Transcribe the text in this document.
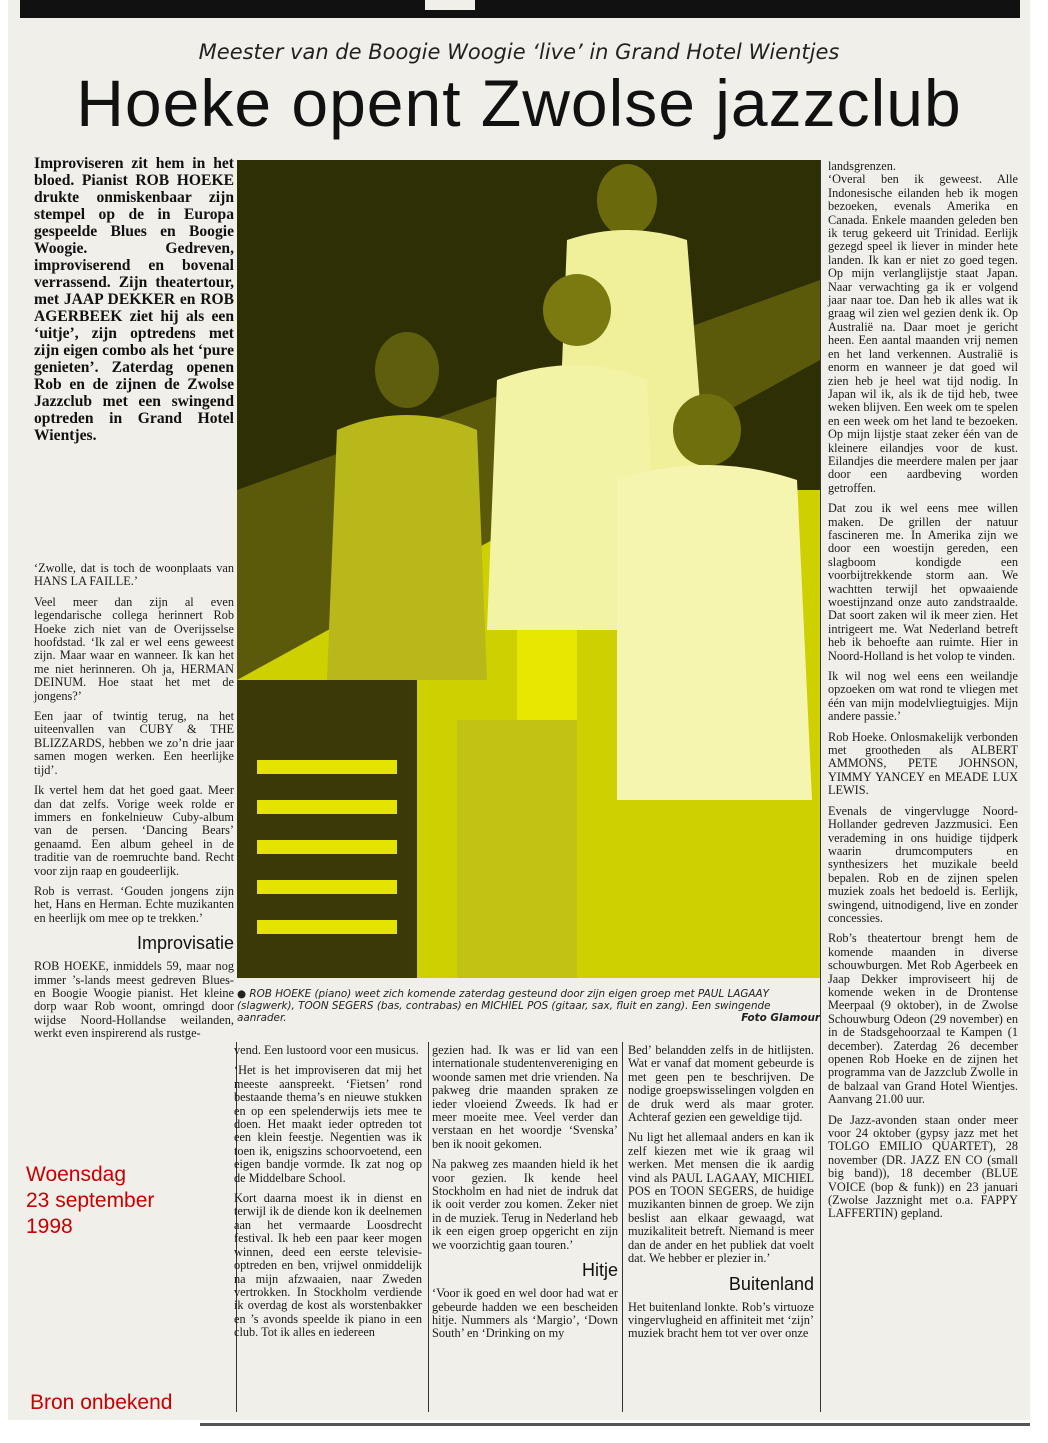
Meester van de Boogie Woogie ‘live’ in Grand Hotel Wientjes
Hoeke opent Zwolse jazzclub
Improviseren zit hem in het bloed. Pianist ROB HOEKE drukte onmiskenbaar zijn stempel op de in Europa gespeelde Blues en Boogie Woogie. Gedreven, improviserend en bovenal verrassend. Zijn theatertour, met JAAP DEKKER en ROB AGERBEEK ziet hij als een ‘uitje’, zijn optredens met zijn eigen combo als het ‘pure genieten’. Zaterdag openen Rob en de zijnen de Zwolse Jazzclub met een swingend optreden in Grand Hotel Wientjes.

‘Zwolle, dat is toch de woonplaats van HANS LA FAILLE.’

Veel meer dan zijn al even legendarische collega herinnert Rob Hoeke zich niet van de Overijsselse hoofdstad. ‘Ik zal er wel eens geweest zijn. Maar waar en wanneer. Ik kan het me niet herinneren. Oh ja, HERMAN DEINUM. Hoe staat het met de jongens?’

Een jaar of twintig terug, na het uiteenvallen van CUBY & THE BLIZZARDS, hebben we zo’n drie jaar samen mogen werken. Een heerlijke tijd’.

Ik vertel hem dat het goed gaat. Meer dan dat zelfs. Vorige week rolde er immers en fonkelnieuw Cuby-album van de persen. ‘Dancing Bears’ genaamd. Een album geheel in de traditie van de roemruchte band. Recht voor zijn raap en goudeerlijk.

Rob is verrast. ‘Gouden jongens zijn het, Hans en Herman. Echte muzikanten en heerlijk om mee op te trekken.’

Improvisatie

ROB HOEKE, inmiddels 59, maar nog immer ’s-lands meest gedreven Blues- en Boogie Woogie pianist. Het kleine dorp waar Rob woont, omringd door wijdse Noord-Hollandse weilanden, werkt even inspirerend als rustge-

● ROB HOEKE (piano) weet zich komende zaterdag gesteund door zijn eigen groep met PAUL LAGAAY (slagwerk), TOON SEGERS (bas, contrabas) en MICHIEL POS (gitaar, sax, fluit en zang). Een swingende aanrader.	Foto Glamour

landsgrenzen.

‘Overal ben ik geweest. Alle Indonesische eilanden heb ik mogen bezoeken, evenals Amerika en Canada. Enkele maanden geleden ben ik terug gekeerd uit Trinidad. Eerlijk gezegd speel ik liever in minder hete landen. Ik kan er niet zo goed tegen. Op mijn verlanglijstje staat Japan. Naar verwachting ga ik er volgend jaar naar toe. Dan heb ik alles wat ik graag wil zien wel gezien denk ik. Op Australië na. Daar moet je gericht heen. Een aantal maanden vrij nemen en het land verkennen. Australië is enorm en wanneer je dat goed wil zien heb je heel wat tijd nodig. In Japan wil ik, als ik de tijd heb, twee weken blijven. Een week om te spelen en een week om het land te bezoeken. Op mijn lijstje staat zeker één van de kleinere eilandjes voor de kust. Eilandjes die meerdere malen per jaar door een aardbeving worden getroffen.

Dat zou ik wel eens mee willen maken. De grillen der natuur fascineren me. In Amerika zijn we door een woestijn gereden, een slagboom kondigde een voorbijtrekkende storm aan. We wachtten terwijl het opwaaiende woestijnzand onze auto zandstraalde. Dat soort zaken wil ik meer zien. Het intrigeert me. Wat Nederland betreft heb ik behoefte aan ruimte. Hier in Noord-Holland is het volop te vinden.

Ik wil nog wel eens een weilandje opzoeken om wat rond te vliegen met één van mijn modelvliegtuigjes. Mijn andere passie.’

Rob Hoeke. Onlosmakelijk verbonden met grootheden als ALBERT AMMONS, PETE JOHNSON, YIMMY YANCEY en MEADE LUX LEWIS.

Evenals de vingervlugge Noord-Hollander gedreven Jazzmusici. Een verademing in ons huidige tijdperk waarin drumcomputers en synthesizers het muzikale beeld bepalen. Rob en de zijnen spelen muziek zoals het bedoeld is. Eerlijk, swingend, uitnodigend, live en zonder concessies.

Rob’s theatertour brengt hem de komende maanden in diverse schouwburgen. Met Rob Agerbeek en Jaap Dekker improviseert hij de komende weken in de Drontense Meerpaal (9 oktober), in de Zwolse Schouwburg Odeon (29 november) en in de Stadsgehoorzaal te Kampen (1 december). Zaterdag 26 december openen Rob Hoeke en de zijnen het programma van de Jazzclub Zwolle in de balzaal van Grand Hotel Wientjes. Aanvang 21.00 uur.

De Jazz-avonden staan onder meer voor 24 oktober (gypsy jazz met het TOLGO EMILIO QUARTET), 28 november (DR. JAZZ EN CO (small big band)), 18 december (BLUE VOICE (bop & funk)) en 23 januari (Zwolse Jazznight met o.a. FAPPY LAFFERTIN) gepland.

vend. Een lustoord voor een musicus.

‘Het is het improviseren dat mij het meeste aanspreekt. ‘Fietsen’ rond bestaande thema’s en nieuwe stukken en op een spelenderwijs iets mee te doen. Het maakt ieder optreden tot een klein feestje. Negentien was ik toen ik, enigszins schoorvoetend, een eigen bandje vormde. Ik zat nog op de Middelbare School.

Kort daarna moest ik in dienst en terwijl ik de diende kon ik deelnemen aan het vermaarde Loosdrecht festival. Ik heb een paar keer mogen winnen, deed een eerste televisie-optreden en ben, vrijwel onmiddelijk na mijn afzwaaien, naar Zweden vertrokken. In Stockholm verdiende ik overdag de kost als worstenbakker en ’s avonds speelde ik piano in een club. Tot ik alles en iedereen

gezien had. Ik was er lid van een internationale studentenvereniging en woonde samen met drie vrienden. Na pakweg drie maanden spraken ze ieder vloeiend Zweeds. Ik had er meer moeite mee. Veel verder dan verstaan en het woordje ‘Svenska’ ben ik nooit gekomen.

Na pakweg zes maanden hield ik het voor gezien. Ik kende heel Stockholm en had niet de indruk dat ik ooit verder zou komen. Zeker niet in de muziek. Terug in Nederland heb ik een eigen groep opgericht en zijn we voorzichtig gaan touren.’

Hitje

‘Voor ik goed en wel door had wat er gebeurde hadden we een bescheiden hitje. Nummers als ‘Margio’, ‘Down South’ en ‘Drinking on my

Bed’ belandden zelfs in de hitlijsten. Wat er vanaf dat moment gebeurde is met geen pen te beschrijven. De nodige groepswisselingen volgden en de druk werd als maar groter. Achteraf gezien een geweldige tijd.

Nu ligt het allemaal anders en kan ik zelf kiezen met wie ik graag wil werken. Met mensen die ik aardig vind als PAUL LAGAAY, MICHIEL POS en TOON SEGERS, de huidige muzikanten binnen de groep. We zijn beslist aan elkaar gewaagd, wat muzikaliteit betreft. Niemand is meer dan de ander en het publiek dat voelt dat. We hebber er plezier in.’

Buitenland

Het buitenland lonkte. Rob’s virtuoze vingervlugheid en affiniteit met ‘zijn’ muziek bracht hem tot ver over onze

Woensdag
23 september
1998
Bron onbekend
